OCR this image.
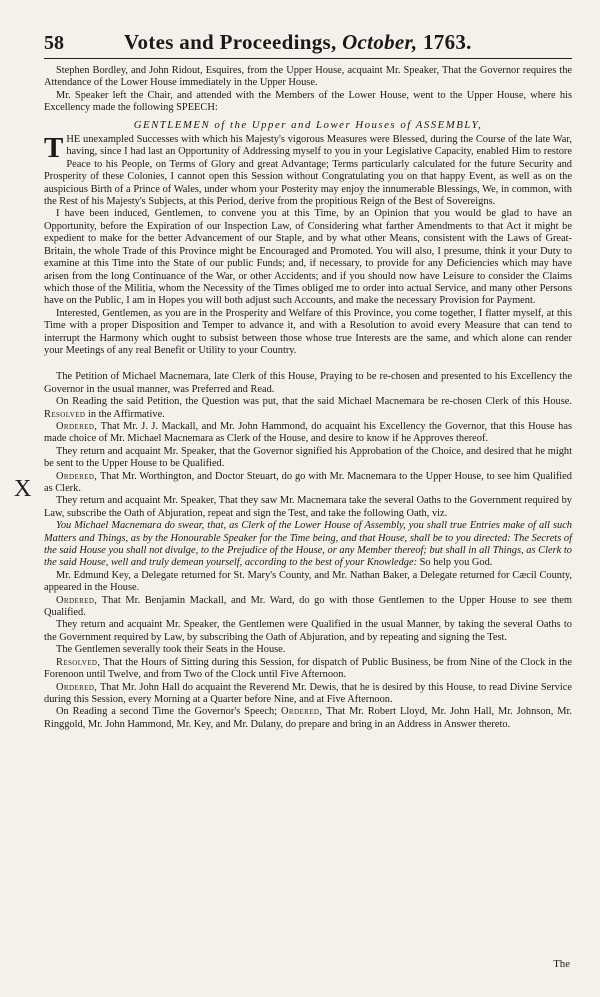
58	Votes and Proceedings, October, 1763.

Stephen Bordley, and John Ridout, Esquires, from the Upper House, acquaint Mr. Speaker, That the Governor requires the Attendance of the Lower House immediately in the Upper House.

Mr. Speaker left the Chair, and attended with the Members of the Lower House, went to the Upper House, where his Excellency made the following SPEECH:

GENTLEMEN of the Upper and Lower Houses of ASSEMBLY,

THE unexampled Successes with which his Majesty's vigorous Measures were Blessed, during the Course of the late War, having, since I had last an Opportunity of Addressing myself to you in your Legislative Capacity, enabled Him to restore Peace to his People, on Terms of Glory and great Advantage; Terms particularly calculated for the future Security and Prosperity of these Colonies, I cannot open this Session without Congratulating you on that happy Event, as well as on the auspicious Birth of a Prince of Wales, under whom your Posterity may enjoy the innumerable Blessings, We, in common, with the Rest of his Majesty's Subjects, at this Period, derive from the propitious Reign of the Best of Sovereigns.

I have been induced, Gentlemen, to convene you at this Time, by an Opinion that you would be glad to have an Opportunity, before the Expiration of our Inspection Law, of Considering what farther Amendments to that Act it might be expedient to make for the better Advancement of our Staple, and by what other Means, consistent with the Laws of Great-Britain, the whole Trade of this Province might be Encouraged and Promoted. You will also, I presume, think it your Duty to examine at this Time into the State of our public Funds; and, if necessary, to provide for any Deficiencies which may have arisen from the long Continuance of the War, or other Accidents; and if you should now have Leisure to consider the Claims which those of the Militia, whom the Necessity of the Times obliged me to order into actual Service, and many other Persons have on the Public, I am in Hopes you will both adjust such Accounts, and make the necessary Provision for Payment.

Interested, Gentlemen, as you are in the Prosperity and Welfare of this Province, you come together, I flatter myself, at this Time with a proper Disposition and Temper to advance it, and with a Resolution to avoid every Measure that can tend to interrupt the Harmony which ought to subsist between those whose true Interests are the same, and which alone can render your Meetings of any real Benefit or Utility to your Country.

The Petition of Michael Macnemara, late Clerk of this House, Praying to be re-chosen and presented to his Excellency the Governor in the usual manner, was Preferred and Read.

On Reading the said Petition, the Question was put, that the said Michael Macnemara be re-chosen Clerk of this House. Resolved in the Affirmative.

Ordered, That Mr. J. J. Mackall, and Mr. John Hammond, do acquaint his Excellency the Governor, that this House has made choice of Mr. Michael Macnemara as Clerk of the House, and desire to know if he Approves thereof.

They return and acquaint Mr. Speaker, that the Governor signified his Approbation of the Choice, and desired that he might be sent to the Upper House to be Qualified.

Ordered, That Mr. Worthington, and Doctor Steuart, do go with Mr. Macnemara to the Upper House, to see him Qualified as Clerk.

They return and acquaint Mr. Speaker, That they saw Mr. Macnemara take the several Oaths to the Government required by Law, subscribe the Oath of Abjuration, repeat and sign the Test, and take the following Oath, viz.

You Michael Macnemara do swear, that, as Clerk of the Lower House of Assembly, you shall true Entries make of all such Matters and Things, as by the Honourable Speaker for the Time being, and that House, shall be to you directed: The Secrets of the said House you shall not divulge, to the Prejudice of the House, or any Member thereof; but shall in all Things, as Clerk to the said House, well and truly demean yourself, according to the best of your Knowledge: So help you God.

Mr. Edmund Key, a Delegate returned for St. Mary's County, and Mr. Nathan Baker, a Delegate returned for Cæcil County, appeared in the House.

Ordered, That Mr. Benjamin Mackall, and Mr. Ward, do go with those Gentlemen to the Upper House to see them Qualified.

They return and acquaint Mr. Speaker, the Gentlemen were Qualified in the usual Manner, by taking the several Oaths to the Government required by Law, by subscribing the Oath of Abjuration, and by repeating and signing the Test.

The Gentlemen severally took their Seats in the House.

Resolved, That the Hours of Sitting during this Session, for dispatch of Public Business, be from Nine of the Clock in the Forenoon until Twelve, and from Two of the Clock until Five Afternoon.

Ordered, That Mr. John Hall do acquaint the Reverend Mr. Dewis, that he is desired by this House, to read Divine Service during this Session, every Morning at a Quarter before Nine, and at Five Afternoon.

On Reading a second Time the Governor's Speech; Ordered, That Mr. Robert Lloyd, Mr. John Hall, Mr. Johnson, Mr. Ringgold, Mr. John Hammond, Mr. Key, and Mr. Dulany, do prepare and bring in an Address in Answer thereto.

X
The
